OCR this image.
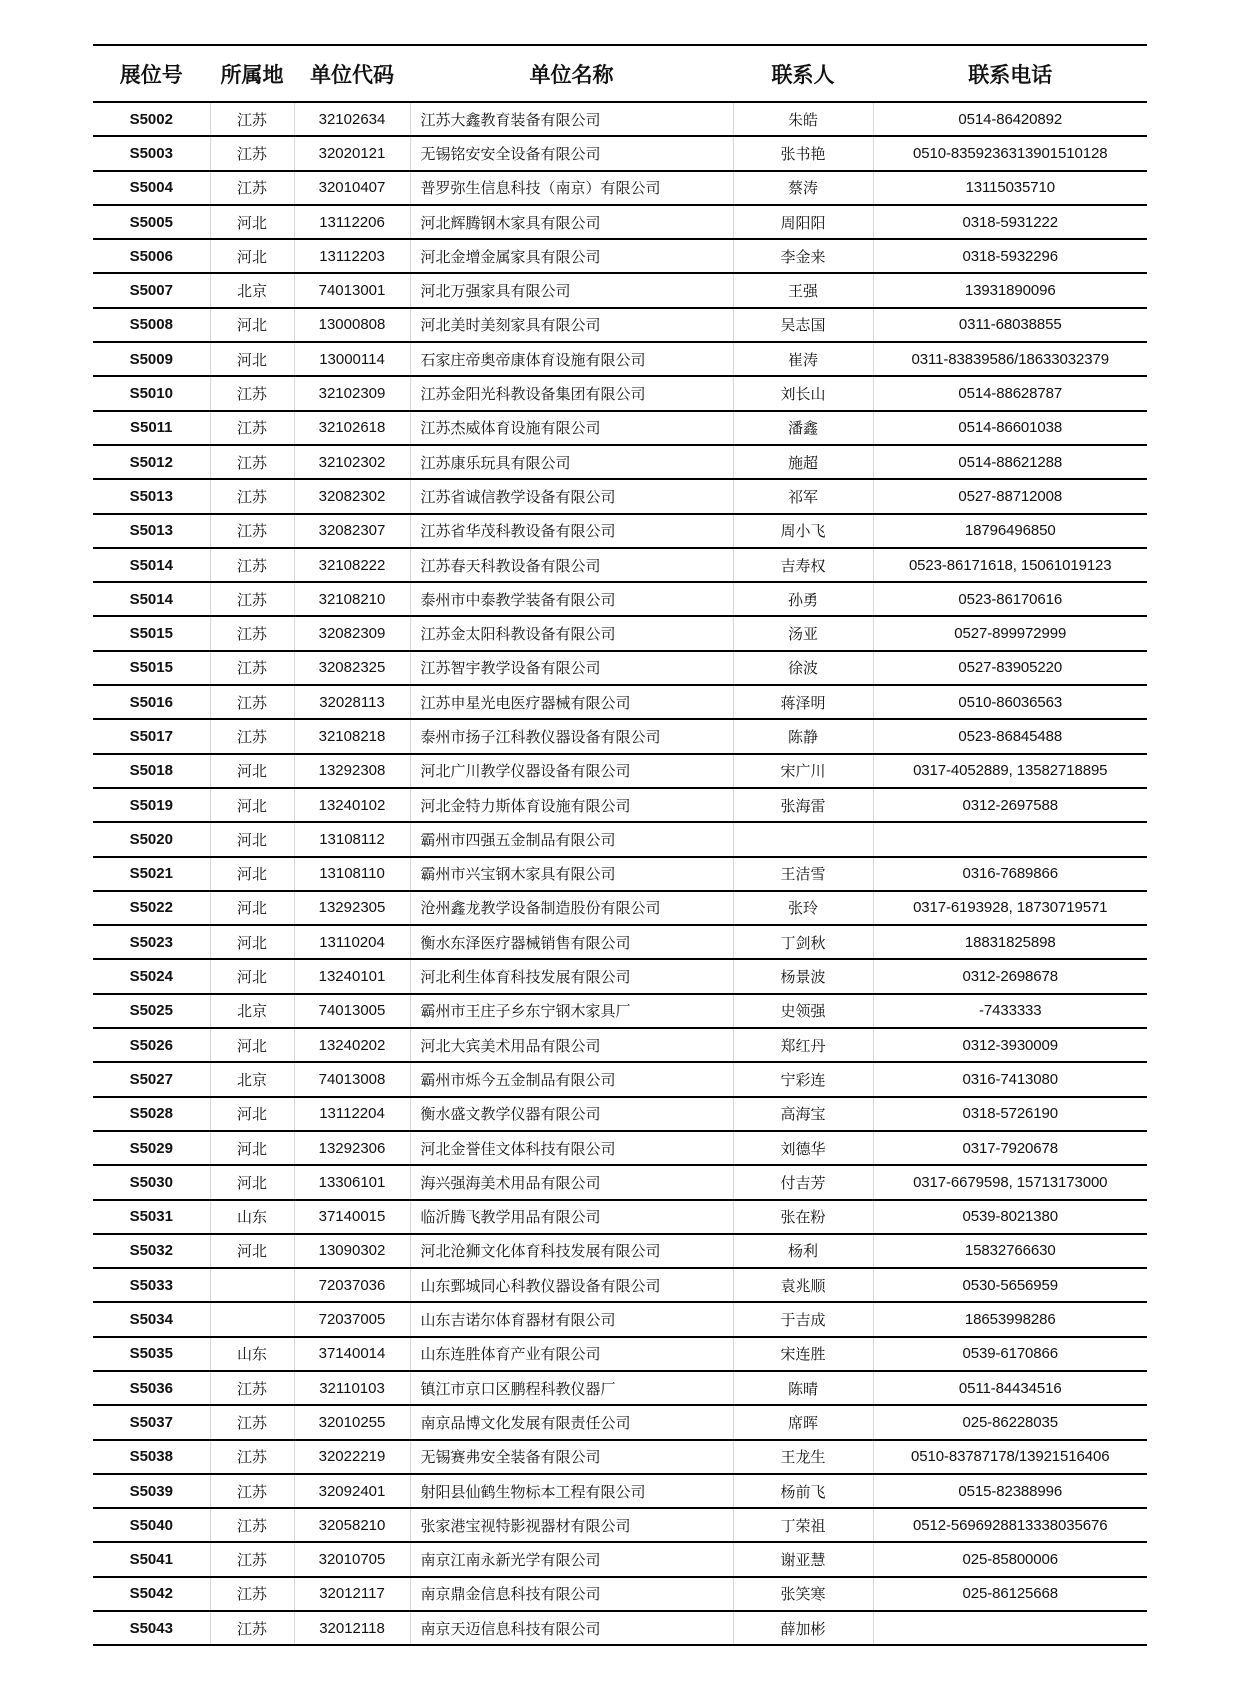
展位号	所属地	单位代码	单位名称	联系人	联系电话
S5002	江苏	32102634	江苏大鑫教育装备有限公司	朱皓	0514-86420892
S5003	江苏	32020121	无锡铭安安全设备有限公司	张书艳	0510-8359236313901510128
S5004	江苏	32010407	普罗弥生信息科技（南京）有限公司	蔡涛	13115035710
S5005	河北	13112206	河北辉腾钢木家具有限公司	周阳阳	0318-5931222
S5006	河北	13112203	河北金增金属家具有限公司	李金来	0318-5932296
S5007	北京	74013001	河北万强家具有限公司	王强	13931890096
S5008	河北	13000808	河北美时美刻家具有限公司	吴志国	0311-68038855
S5009	河北	13000114	石家庄帝奥帝康体育设施有限公司	崔涛	0311-83839586/18633032379
S5010	江苏	32102309	江苏金阳光科教设备集团有限公司	刘长山	0514-88628787
S5011	江苏	32102618	江苏杰威体育设施有限公司	潘鑫	0514-86601038
S5012	江苏	32102302	江苏康乐玩具有限公司	施超	0514-88621288
S5013	江苏	32082302	江苏省诚信教学设备有限公司	祁军	0527-88712008
S5013	江苏	32082307	江苏省华茂科教设备有限公司	周小飞	18796496850
S5014	江苏	32108222	江苏春天科教设备有限公司	吉寿权	0523-86171618, 15061019123
S5014	江苏	32108210	泰州市中泰教学装备有限公司	孙勇	0523-86170616
S5015	江苏	32082309	江苏金太阳科教设备有限公司	汤亚	0527-899972999
S5015	江苏	32082325	江苏智宇教学设备有限公司	徐波	0527-83905220
S5016	江苏	32028113	江苏申星光电医疗器械有限公司	蒋泽明	0510-86036563
S5017	江苏	32108218	泰州市扬子江科教仪器设备有限公司	陈静	0523-86845488
S5018	河北	13292308	河北广川教学仪器设备有限公司	宋广川	0317-4052889, 13582718895
S5019	河北	13240102	河北金特力斯体育设施有限公司	张海雷	0312-2697588
S5020	河北	13108112	霸州市四强五金制品有限公司		
S5021	河北	13108110	霸州市兴宝钢木家具有限公司	王洁雪	0316-7689866
S5022	河北	13292305	沧州鑫龙教学设备制造股份有限公司	张玲	0317-6193928, 18730719571
S5023	河北	13110204	衡水东泽医疗器械销售有限公司	丁剑秋	18831825898
S5024	河北	13240101	河北利生体育科技发展有限公司	杨景波	0312-2698678
S5025	北京	74013005	霸州市王庄子乡东宁钢木家具厂	史领强	-7433333
S5026	河北	13240202	河北大宾美术用品有限公司	郑红丹	0312-3930009
S5027	北京	74013008	霸州市烁今五金制品有限公司	宁彩连	0316-7413080
S5028	河北	13112204	衡水盛文教学仪器有限公司	高海宝	0318-5726190
S5029	河北	13292306	河北金誉佳文体科技有限公司	刘德华	0317-7920678
S5030	河北	13306101	海兴强海美术用品有限公司	付吉芳	0317-6679598, 15713173000
S5031	山东	37140015	临沂腾飞教学用品有限公司	张在粉	0539-8021380
S5032	河北	13090302	河北沧狮文化体育科技发展有限公司	杨利	15832766630
S5033		72037036	山东鄄城同心科教仪器设备有限公司	袁兆顺	0530-5656959
S5034		72037005	山东吉诺尔体育器材有限公司	于吉成	18653998286
S5035	山东	37140014	山东连胜体育产业有限公司	宋连胜	0539-6170866
S5036	江苏	32110103	镇江市京口区鹏程科教仪器厂	陈晴	0511-84434516
S5037	江苏	32010255	南京品博文化发展有限责任公司	席晖	025-86228035
S5038	江苏	32022219	无锡赛弗安全装备有限公司	王龙生	0510-83787178/13921516406
S5039	江苏	32092401	射阳县仙鹤生物标本工程有限公司	杨前飞	0515-82388996
S5040	江苏	32058210	张家港宝视特影视器材有限公司	丁荣祖	0512-5696928813338035676
S5041	江苏	32010705	南京江南永新光学有限公司	谢亚慧	025-85800006
S5042	江苏	32012117	南京鼎金信息科技有限公司	张笑寒	025-86125668
S5043	江苏	32012118	南京天迈信息科技有限公司	薛加彬	
